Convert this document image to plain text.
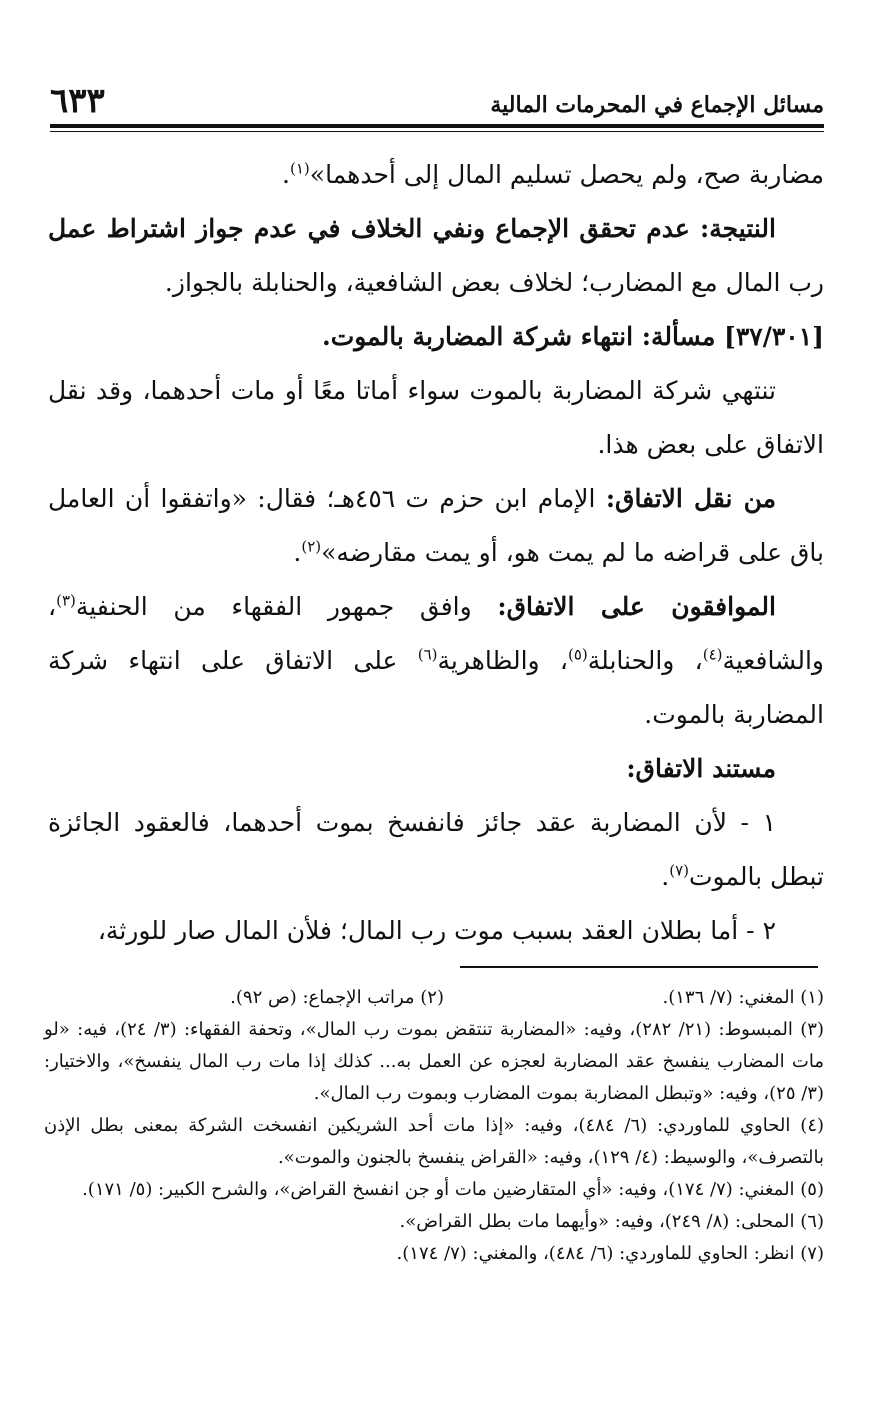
مسائل الإجماع في المحرمات المالية
٦٣٣

مضاربة صح، ولم يحصل تسليم المال إلى أحدهما»$^{(١)}$.

النتيجة: عدم تحقق الإجماع ونفي الخلاف في عدم جواز اشتراط عمل رب المال مع المضارب؛ لخلاف بعض الشافعية، والحنابلة بالجواز.

[٣٧/٣٠١] مسألة: انتهاء شركة المضاربة بالموت.

تنتهي شركة المضاربة بالموت سواء أماتا معًا أو مات أحدهما، وقد نقل الاتفاق على بعض هذا.

من نقل الاتفاق: الإمام ابن حزم ت ٤٥٦هـ؛ فقال: «واتفقوا أن العامل باق على قراضه ما لم يمت هو، أو يمت مقارضه»$^{(٢)}$.

الموافقون على الاتفاق: وافق جمهور الفقهاء من الحنفية$^{(٣)}$، والشافعية$^{(٤)}$، والحنابلة$^{(٥)}$، والظاهرية$^{(٦)}$ على الاتفاق على انتهاء شركة المضاربة بالموت.

مستند الاتفاق:

١ - لأن المضاربة عقد جائز فانفسخ بموت أحدهما، فالعقود الجائزة تبطل بالموت$^{(٧)}$.

٢ - أما بطلان العقد بسبب موت رب المال؛ فلأن المال صار للورثة،

(١) المغني: (٧/ ١٣٦).

(٢) مراتب الإجماع: (ص ٩٢).

(٣) المبسوط: (٢١/ ٢٨٢)، وفيه: «المضاربة تنتقض بموت رب المال»، وتحفة الفقهاء: (٣/ ٢٤)، فيه: «لو مات المضارب ينفسخ عقد المضاربة لعجزه عن العمل به... كذلك إذا مات رب المال ينفسخ»، والاختيار: (٣/ ٢٥)، وفيه: «وتبطل المضاربة بموت المضارب وبموت رب المال».

(٤) الحاوي للماوردي: (٦/ ٤٨٤)، وفيه: «إذا مات أحد الشريكين انفسخت الشركة بمعنى بطل الإذن بالتصرف»، والوسيط: (٤/ ١٢٩)، وفيه: «القراض ينفسخ بالجنون والموت».

(٥) المغني: (٧/ ١٧٤)، وفيه: «أي المتقارضين مات أو جن انفسخ القراض»، والشرح الكبير: (٥/ ١٧١).

(٦) المحلى: (٨/ ٢٤٩)، وفيه: «وأيهما مات بطل القراض».

(٧) انظر: الحاوي للماوردي: (٦/ ٤٨٤)، والمغني: (٧/ ١٧٤).
